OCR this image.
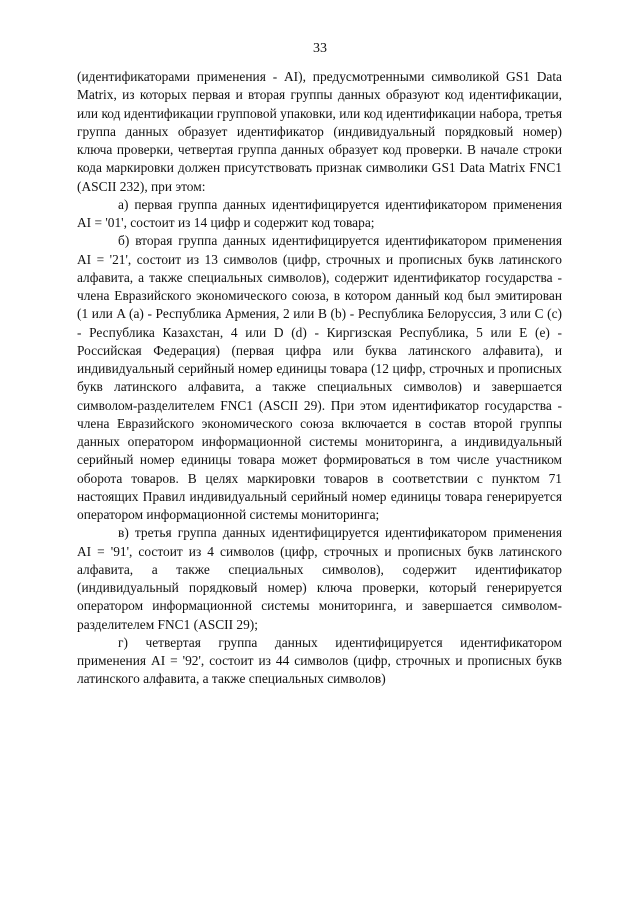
33

(идентификаторами применения - AI), предусмотренными символикой GS1 Data Matrix, из которых первая и вторая группы данных образуют код идентификации, или код идентификации групповой упаковки, или код идентификации набора, третья группа данных образует идентификатор (индивидуальный порядковый номер) ключа проверки, четвертая группа данных образует код проверки. В начале строки кода маркировки должен присутствовать признак символики GS1 Data Matrix FNC1 (ASCII 232), при этом:

а) первая группа данных идентифицируется идентификатором применения AI = '01', состоит из 14 цифр и содержит код товара;

б) вторая группа данных идентифицируется идентификатором применения AI = '21', состоит из 13 символов (цифр, строчных и прописных букв латинского алфавита, а также специальных символов), содержит идентификатор государства - члена Евразийского экономического союза, в котором данный код был эмитирован (1 или A (a) - Республика Армения, 2 или B (b) - Республика Белоруссия, 3 или C (c) - Республика Казахстан, 4 или D (d) - Киргизская Республика, 5 или E (e) - Российская Федерация) (первая цифра или буква латинского алфавита), и индивидуальный серийный номер единицы товара (12 цифр, строчных и прописных букв латинского алфавита, а также специальных символов) и завершается символом-разделителем FNC1 (ASCII 29). При этом идентификатор государства - члена Евразийского экономического союза включается в состав второй группы данных оператором информационной системы мониторинга, а индивидуальный серийный номер единицы товара может формироваться в том числе участником оборота товаров. В целях маркировки товаров в соответствии с пунктом 71 настоящих Правил индивидуальный серийный номер единицы товара генерируется оператором информационной системы мониторинга;

в) третья группа данных идентифицируется идентификатором применения AI = '91', состоит из 4 символов (цифр, строчных и прописных букв латинского алфавита, а также специальных символов), содержит идентификатор (индивидуальный порядковый номер) ключа проверки, который генерируется оператором информационной системы мониторинга, и завершается символом-разделителем FNC1 (ASCII 29);

г) четвертая группа данных идентифицируется идентификатором применения AI = '92', состоит из 44 символов (цифр, строчных и прописных букв латинского алфавита, а также специальных символов)
